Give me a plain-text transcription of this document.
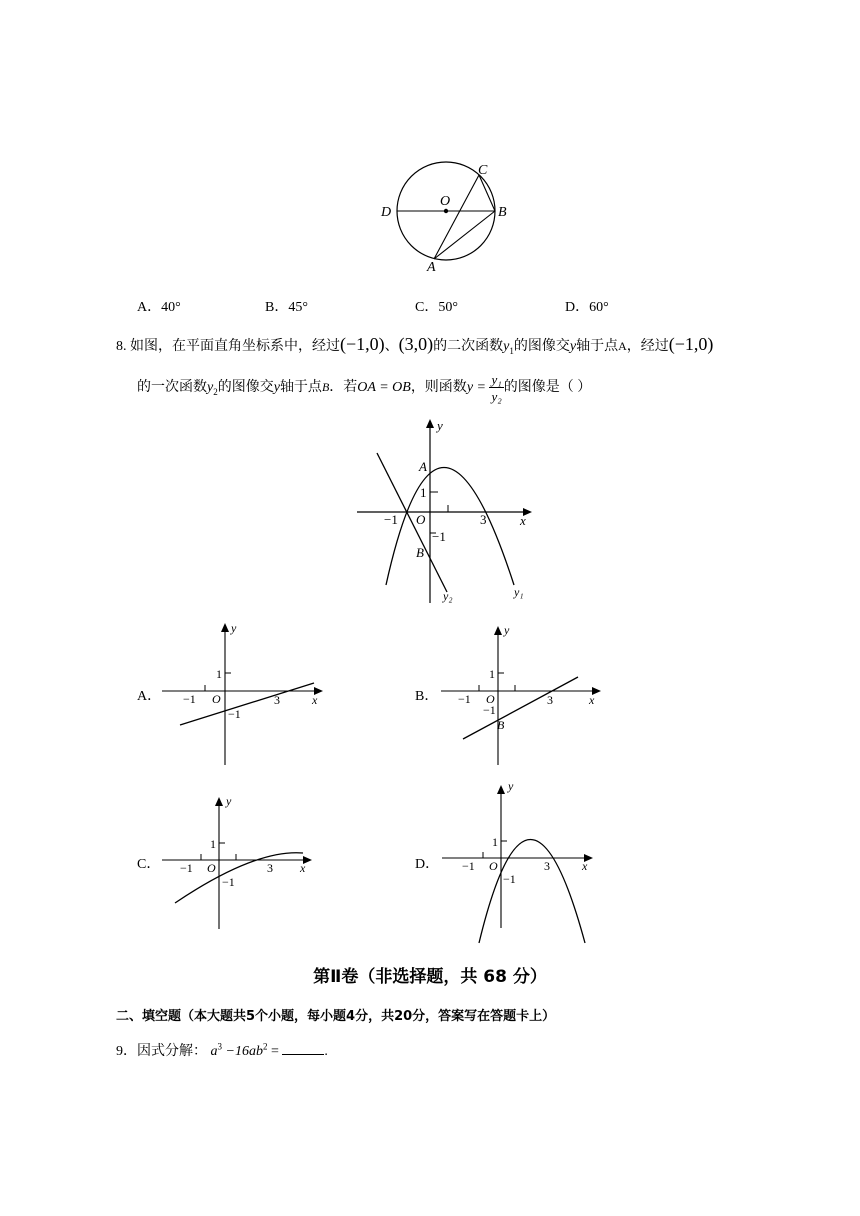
C
O
D	B
A
A．40°	B．45°	C．50°	D．60°
8. 如图，在平面直角坐标系中，经过(−1,0)、(3,0)的二次函数$y_1$的图像交y轴于点A，经过(−1,0)
的一次函数$y_2$的图像交y轴于点B．若OA = OB，则函数$y = \frac{\text{y₁}}{\text{y₂}}$ 的图像是（ ）
y
x
A
1
−1 O	3
−1
B
y₂	y₁
A．
y
1
−1 O
−1
3	x	B．
y
1
−1 O
−1
B
3	x
C．
y
1
−1 O
−1
3 x	D．
y
1
−1 O
−1
3	x
第Ⅱ卷（非选择题，共 68 分）
二、填空题（本大题共5个小题，每小题4分，共20分，答案写在答题卡上）
9．因式分解： $a^3 -16ab^2$ =	.
